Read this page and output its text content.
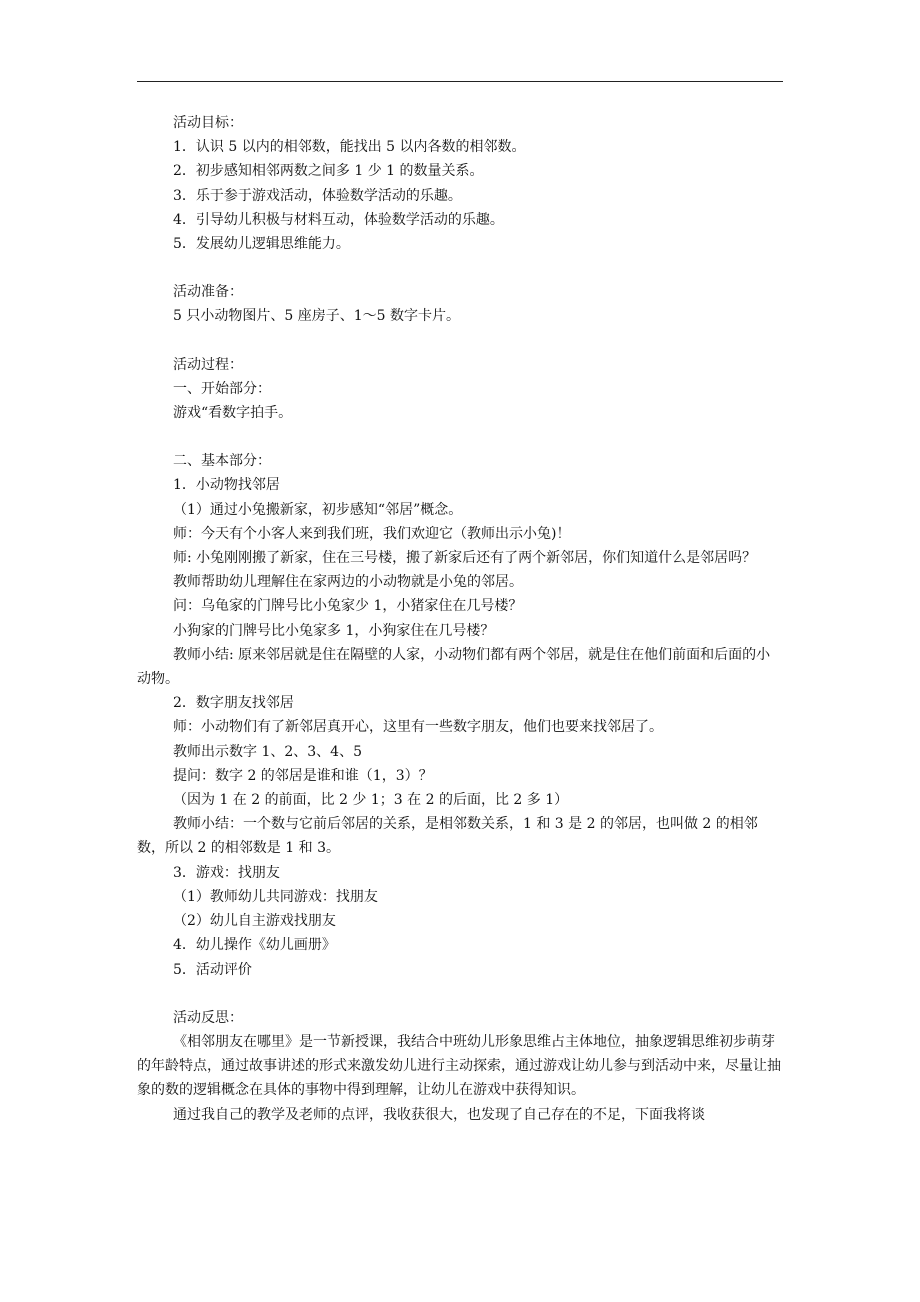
活动目标：
1．认识 5 以内的相邻数，能找出 5 以内各数的相邻数。
2．初步感知相邻两数之间多 1 少 1 的数量关系。
3．乐于参于游戏活动，体验数学活动的乐趣。
4．引导幼儿积极与材料互动，体验数学活动的乐趣。
5．发展幼儿逻辑思维能力。
活动准备：
5 只小动物图片、5 座房子、1～5 数字卡片。
活动过程：
一、开始部分：
游戏“看数字拍手。
二、基本部分：
1．小动物找邻居
（1）通过小兔搬新家，初步感知“邻居”概念。
师：今天有个小客人来到我们班，我们欢迎它（教师出示小兔)！
师: 小兔刚刚搬了新家，住在三号楼，搬了新家后还有了两个新邻居，你们知道什么是邻居吗？
教师帮助幼儿理解住在家两边的小动物就是小兔的邻居。
问：乌龟家的门牌号比小兔家少 1，小猪家住在几号楼？
小狗家的门牌号比小兔家多 1，小狗家住在几号楼？
教师小结: 原来邻居就是住在隔壁的人家，小动物们都有两个邻居，就是住在他们前面和后面的小动物。
2．数字朋友找邻居
师：小动物们有了新邻居真开心，这里有一些数字朋友，他们也要来找邻居了。
教师出示数字 1、2、3、4、5
提问：数字 2 的邻居是谁和谁（1，3）？
（因为 1 在 2 的前面，比 2 少 1；3 在 2 的后面，比 2 多 1）
教师小结：一个数与它前后邻居的关系，是相邻数关系，1 和 3 是 2 的邻居，也叫做 2 的相邻数，所以 2 的相邻数是 1 和 3。
3．游戏：找朋友
（1）教师幼儿共同游戏：找朋友
（2）幼儿自主游戏找朋友
4．幼儿操作《幼儿画册》
5．活动评价
活动反思：
《相邻朋友在哪里》是一节新授课，我结合中班幼儿形象思维占主体地位，抽象逻辑思维初步萌芽的年龄特点，通过故事讲述的形式来激发幼儿进行主动探索，通过游戏让幼儿参与到活动中来，尽量让抽象的数的逻辑概念在具体的事物中得到理解，让幼儿在游戏中获得知识。
通过我自己的教学及老师的点评，我收获很大，也发现了自己存在的不足，下面我将谈
